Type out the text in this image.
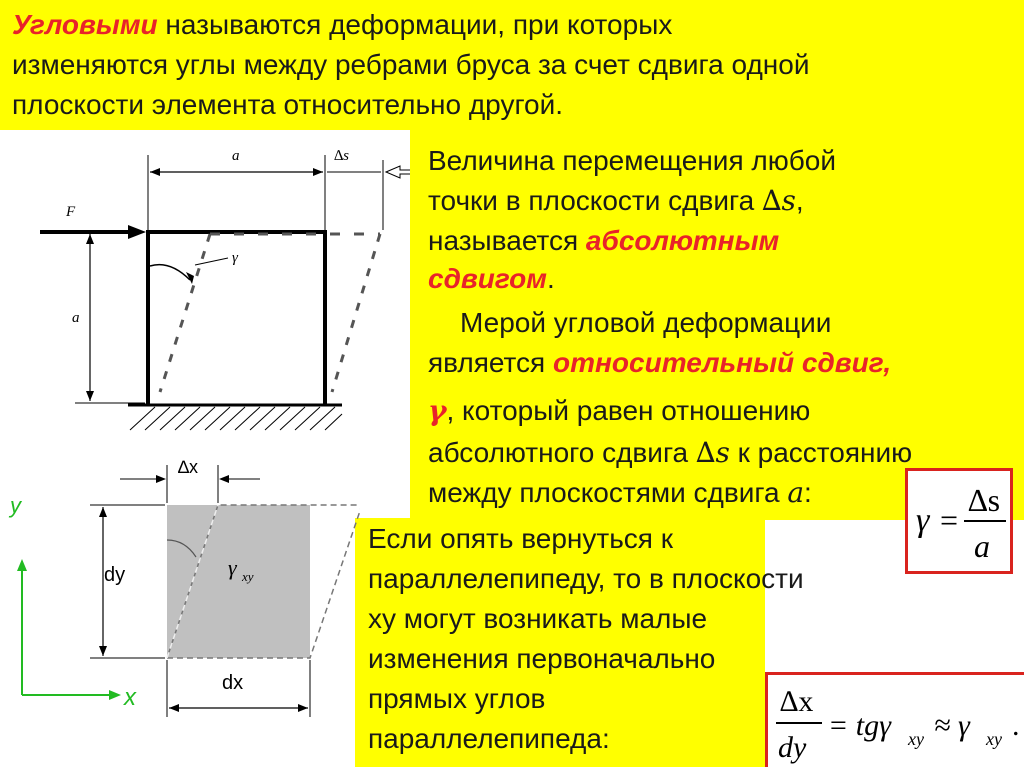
Угловыми называются деформации, при которых
изменяются углы между ребрами бруса за счет сдвига одной
плоскости элемента относительно другой.
Величина перемещения любой
точки в плоскости сдвига ∆s,
называется абсолютным
сдвигом.
Мерой угловой деформации
является относительный сдвиг,
γ, который равен отношению
абсолютного сдвига ∆s к расстоянию
между плоскостями сдвига a:
γ =
∆s
a
Если опять вернуться к
параллелепипеду, то в плоскости
xy могут возникать малые
изменения первоначально
прямых углов
параллелепипеда:
∆x
dy
= tgγ xy ≈ γ xy .
a	∆s
F
γ
a
y
x
γ xy
∆x
dy
dx
